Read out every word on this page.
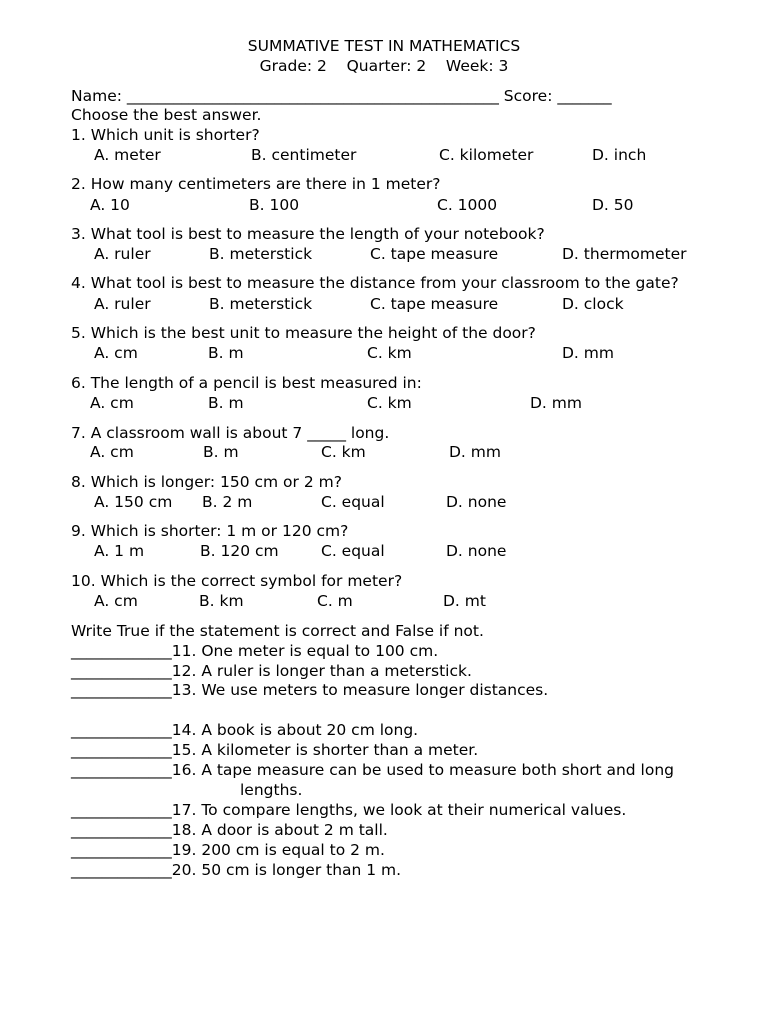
SUMMATIVE TEST IN MATHEMATICS
Grade: 2    Quarter: 2    Week: 3
Name: ________________________________________________ Score: _______
Choose the best answer.
1. Which unit is shorter?
A. meter	B. centimeter	C. kilometer	D. inch
2. How many centimeters are there in 1 meter?
A. 10	B. 100	C. 1000	D. 50
3. What tool is best to measure the length of your notebook?
A. ruler	B. meterstick	C. tape measure	D. thermometer
4. What tool is best to measure the distance from your classroom to the gate?
A. ruler	B. meterstick	C. tape measure	D. clock
5. Which is the best unit to measure the height of the door?
A. cm	B. m	C. km	D. mm
6. The length of a pencil is best measured in:
A. cm	B. m	C. km	D. mm
7. A classroom wall is about 7 _____ long.
A. cm	B. m	C. km	D. mm
8. Which is longer: 150 cm or 2 m?
A. 150 cm B. 2 m	C. equal	D. none
9. Which is shorter: 1 m or 120 cm?
A. 1 m	B. 120 cm	C. equal	D. none
10. Which is the correct symbol for meter?
A. cm	B. km	C. m	D. mt
Write True if the statement is correct and False if not.
_____________11. One meter is equal to 100 cm.
_____________12. A ruler is longer than a meterstick.
_____________13. We use meters to measure longer distances.
_____________14. A book is about 20 cm long.
_____________15. A kilometer is shorter than a meter.
_____________16. A tape measure can be used to measure both short and long
lengths.
_____________17. To compare lengths, we look at their numerical values.
_____________18. A door is about 2 m tall.
_____________19. 200 cm is equal to 2 m.
_____________20. 50 cm is longer than 1 m.
